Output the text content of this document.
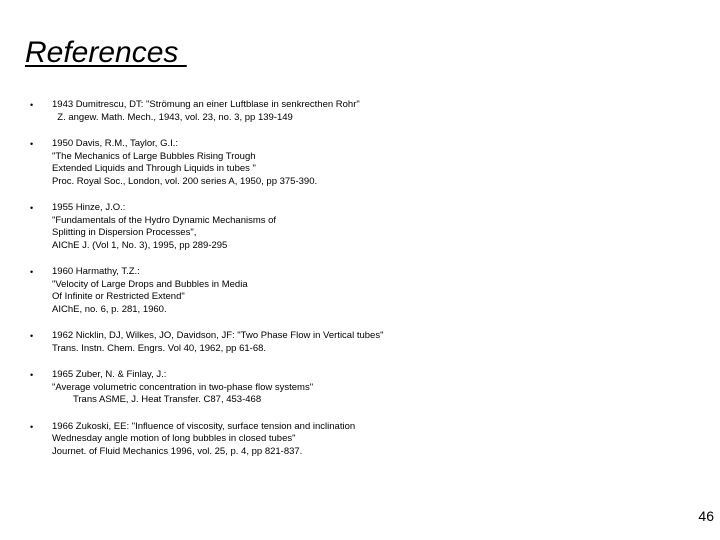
References
• 1943 Dumitrescu, DT: "Strömung an einer Luftblase in senkrecthen Rohr"
Z. angew. Math. Mech., 1943, vol. 23, no. 3, pp 139-149
• 1950 Davis, R.M., Taylor, G.I.:
"The Mechanics of Large Bubbles Rising Trough
Extended Liquids and Through Liquids in tubes "
Proc. Royal Soc., London, vol. 200 series A, 1950, pp 375-390.
• 1955 Hinze, J.O.:
"Fundamentals of the Hydro Dynamic Mechanisms of
Splitting in Dispersion Processes",
AIChE J. (Vol 1, No. 3), 1995, pp 289-295
• 1960 Harmathy, T.Z.:
"Velocity of Large Drops and Bubbles in Media
Of Infinite or Restricted Extend"
AIChE, no. 6, p. 281, 1960.
• 1962 Nicklin, DJ, Wilkes, JO, Davidson, JF: "Two Phase Flow in Vertical tubes"
Trans. Instn. Chem. Engrs. Vol 40, 1962, pp 61-68.
• 1965 Zuber, N. & Finlay, J.:
"Average volumetric concentration in two-phase flow systems"
Trans ASME, J. Heat Transfer. C87, 453-468
• 1966 Zukoski, EE: "Influence of viscosity, surface tension and inclination
Wednesday angle motion of long bubbles in closed tubes"
Journet. of Fluid Mechanics 1996, vol. 25, p. 4, pp 821-837.
46
